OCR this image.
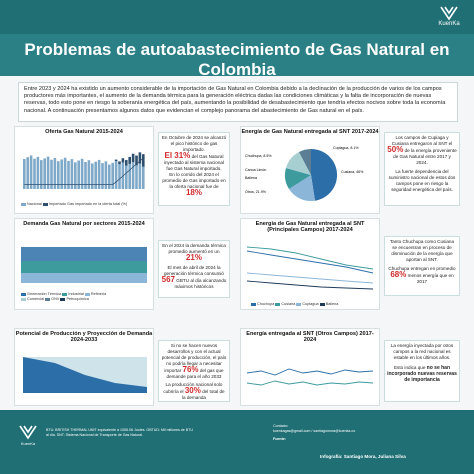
KuenKa
Problemas de autoabastecimiento de Gas Natural en Colombia
Entre 2023 y 2024 ha existido un aumento considerable de la importación de Gas Natural en Colombia debido a la declinación de la producción de varios de los campos productores más importantes, el aumento de la demanda térmica para la generación eléctrica dadas las condiciones climáticas y la falta de incorporación de nuevas reservas, todo esto pone en riesgo la soberanía energética del país, aumentando la posibilidad de desabastecimiento que tendría efectos nocivos sobre toda la economía nacional. A continuación presentamos algunos datos que evidencian el complejo panorama del abastecimiento de Gas natural en el país.
Oferta Gas Natural 2015-2024
Nacional Importado Gas importado en la oferta total (%)
En Octubre de 2024 se alcanzó el pico histórico de gas importado.
El 31% del Gas Natural inyectado al sistema nacional fue Gas Natural importado.
En lo corrido del 2024 el promedio de Gas importado en la oferta nacional fue de 18%
Energía de Gas Natural entregada al SNT 2017-2024
Cusiana, 46%
Cupiagua, 8.1%
Chuchupa, 8.5%
Otros, 21.9%
Canoa Limón
Ballena
Los campos de Cupiaga y Cusiana entregaron al SNT el 50% de la energía proveniente de Gas Natural entre 2017 y 2024.
La fuerte dependencia del suministro nacional de estos dos campos pone en riesgo la seguridad energética del país.
Demanda Gas Natural por sectores 2015-2024
Generación Térmica Industrial Refinería
Comercial GNV Petroquímica
En el 2024 la demanda térmica promedio aumentó en un 21%
El mes de abril de 2024 la generación térmica consumió 567 GBTU al día alcanzando máximos históricos
Energía de Gas Natural entregada al SNT (Principales Campos) 2017-2024
Chuchupa Cusiana Cupiagua Ballena
Tanto Chuchupa como Cusiana se encuentran en proceso de disminución de la energía que aportan al SNT.
Chuchupa entregan en promedio 68% menos energía que en 2017
Potencial de Producción y Proyección de Demanda 2024-2033
Si no se hacen nuevos desarrollos y con el actual potencial de producción, el país no podría llegar a necesitar importar 76% del gas que demande para el año 2033
La producción nacional solo cubriría el 30% del total de la demanda
Energía entregada al SNT (Otros Campos) 2017-2024
La energía inyectada por otros campos a la red nacional es estable en los últimos años.
Esto indica que no se han incorporado nuevas reservas de importancia
KuenKa
BTU: BRITISH THERMAL UNIT equivalente a 1055.06 Joules. GBTUD: Mil millones de BTU al día. SNT: Sistema Nacional de Transporte de Gas Natural.
Contacto:
kuenkagas@gmail.com / santiagomora@kuenka.co
Fuente:
Infografía: Santiago Mora, Juliana Silva
